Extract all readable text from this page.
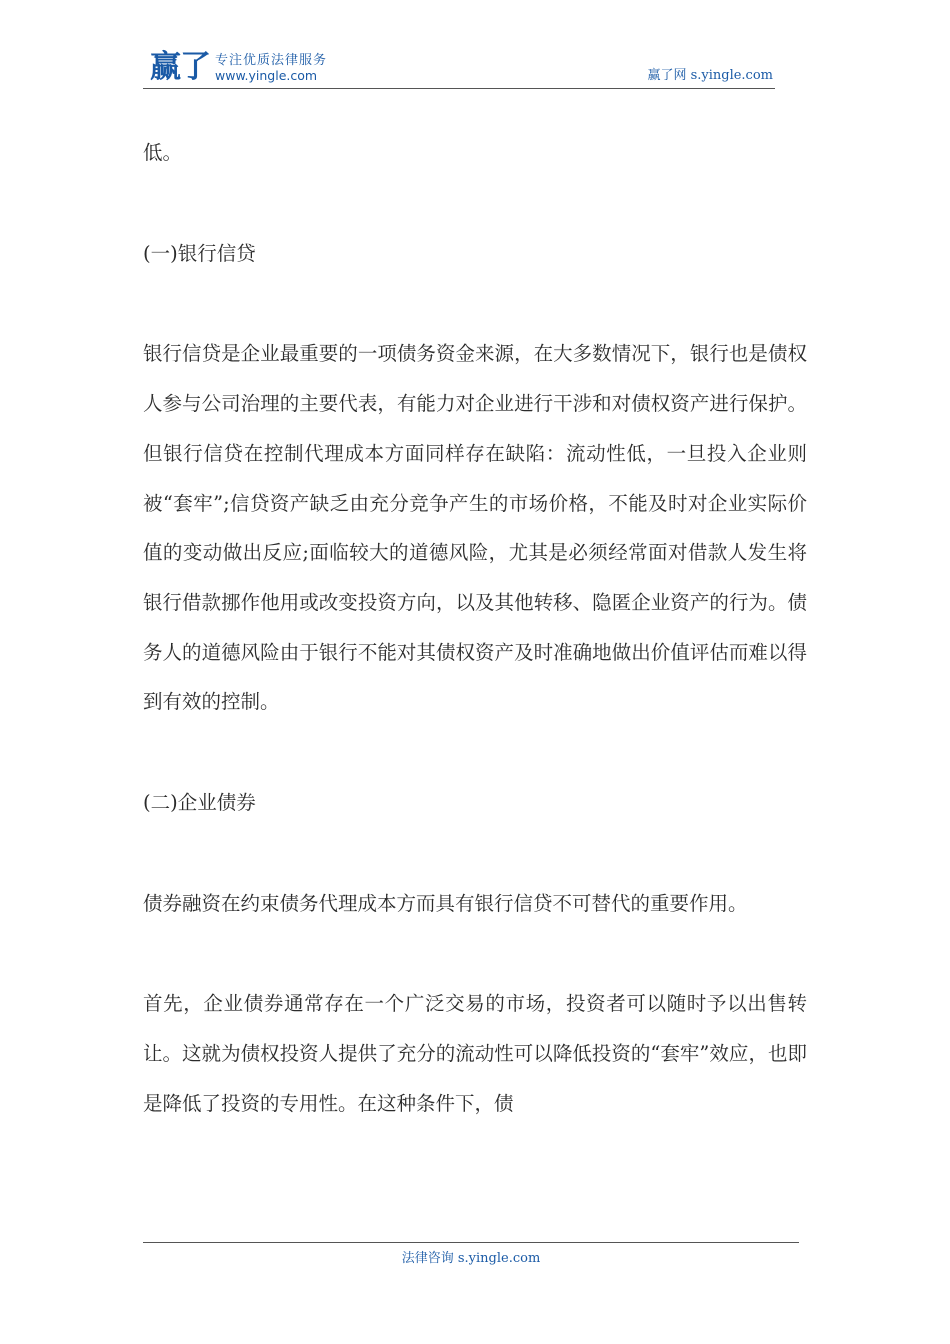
赢了 专注优质法律服务
www.yingle.com	赢了网 s.yingle.com

低。

(一)银行信贷

银行信贷是企业最重要的一项债务资金来源，在大多数情况下，银行也是债权人参与公司治理的主要代表，有能力对企业进行干涉和对债权资产进行保护。但银行信贷在控制代理成本方面同样存在缺陷：流动性低，一旦投入企业则被“套牢”;信贷资产缺乏由充分竞争产生的市场价格，不能及时对企业实际价值的变动做出反应;面临较大的道德风险，尤其是必须经常面对借款人发生将银行借款挪作他用或改变投资方向，以及其他转移、隐匿企业资产的行为。债务人的道德风险由于银行不能对其债权资产及时准确地做出价值评估而难以得到有效的控制。

(二)企业债券

债券融资在约束债务代理成本方而具有银行信贷不可替代的重要作用。

首先，企业债券通常存在一个广泛交易的市场，投资者可以随时予以出售转让。这就为债权投资人提供了充分的流动性可以降低投资的“套牢”效应，也即是降低了投资的专用性。在这种条件下，债

法律咨询 s.yingle.com
